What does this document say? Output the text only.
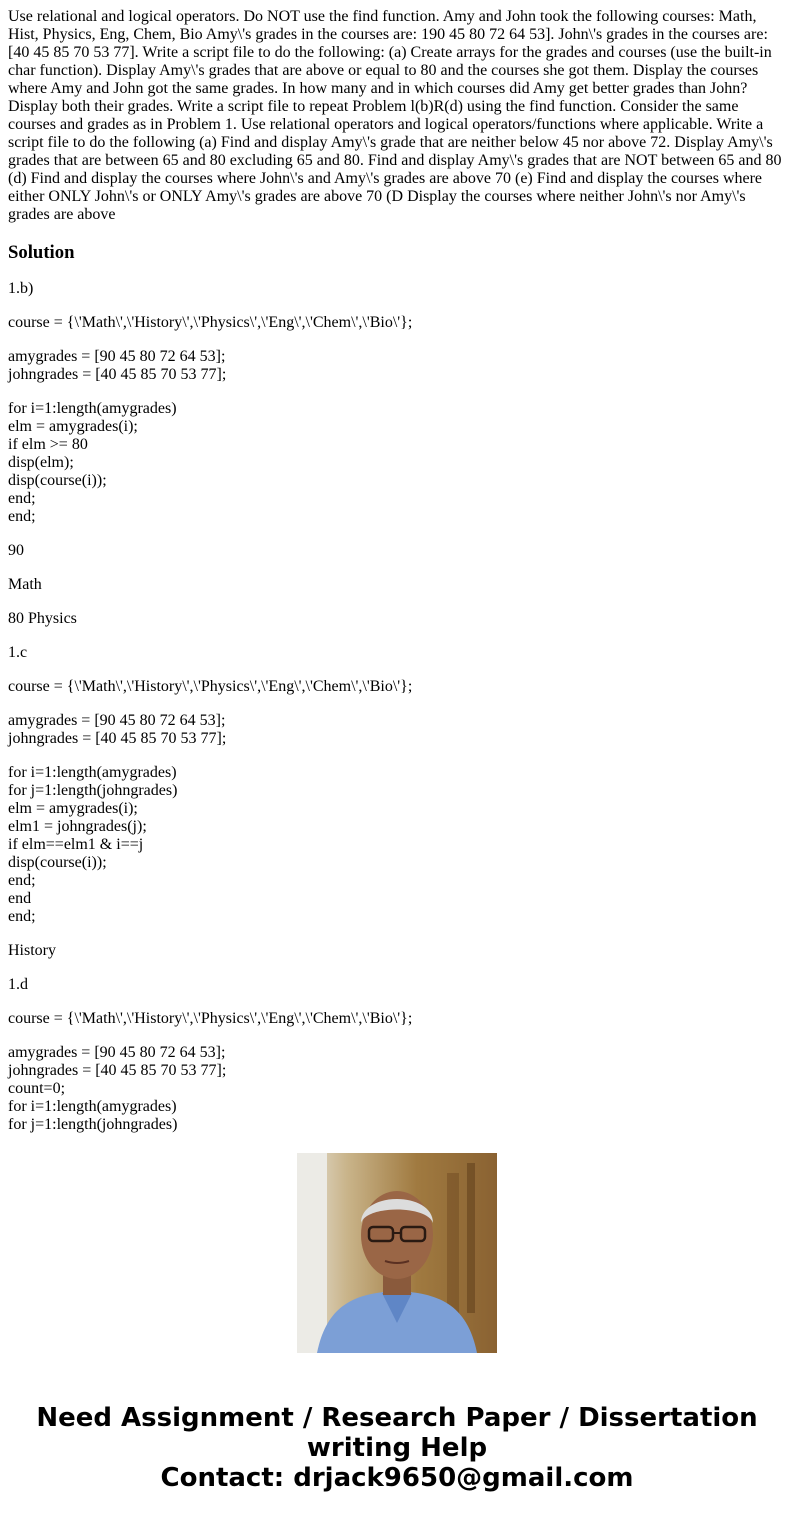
Use relational and logical operators. Do NOT use the find function. Amy and John took the following courses: Math, Hist, Physics, Eng, Chem, Bio Amy\'s grades in the courses are: 190 45 80 72 64 53]. John\'s grades in the courses are: [40 45 85 70 53 77]. Write a script file to do the following: (a) Create arrays for the grades and courses (use the built-in char function). Display Amy\'s grades that are above or equal to 80 and the courses she got them. Display the courses where Amy and John got the same grades. In how many and in which courses did Amy get better grades than John? Display both their grades. Write a script file to repeat Problem l(b)R(d) using the find function. Consider the same courses and grades as in Problem 1. Use relational operators and logical operators/functions where applicable. Write a script file to do the following (a) Find and display Amy\'s grade that are neither below 45 nor above 72. Display Amy\'s grades that are between 65 and 80 excluding 65 and 80. Find and display Amy\'s grades that are NOT between 65 and 80 (d) Find and display the courses where John\'s and Amy\'s grades are above 70 (e) Find and display the courses where either ONLY John\'s or ONLY Amy\'s grades are above 70 (D Display the courses where neither John\'s nor Amy\'s grades are above

Solution

1.b)

course = {\'Math\',\'History\',\'Physics\',\'Eng\',\'Chem\',\'Bio\'};

amygrades = [90 45 80 72 64 53];
johngrades = [40 45 85 70 53 77];

for i=1:length(amygrades)
elm = amygrades(i);
if elm >= 80
disp(elm);
disp(course(i));
end;
end;

90

Math

80 Physics

1.c

course = {\'Math\',\'History\',\'Physics\',\'Eng\',\'Chem\',\'Bio\'};

amygrades = [90 45 80 72 64 53];
johngrades = [40 45 85 70 53 77];

for i=1:length(amygrades)
for j=1:length(johngrades)
elm = amygrades(i);
elm1 = johngrades(j);
if elm==elm1 & i==j
disp(course(i));
end;
end
end;

History

1.d

course = {\'Math\',\'History\',\'Physics\',\'Eng\',\'Chem\',\'Bio\'};

amygrades = [90 45 80 72 64 53];
johngrades = [40 45 85 70 53 77];
count=0;
for i=1:length(amygrades)
for j=1:length(johngrades)

Need Assignment / Research Paper / Dissertation
writing Help
Contact: drjack9650@gmail.com
